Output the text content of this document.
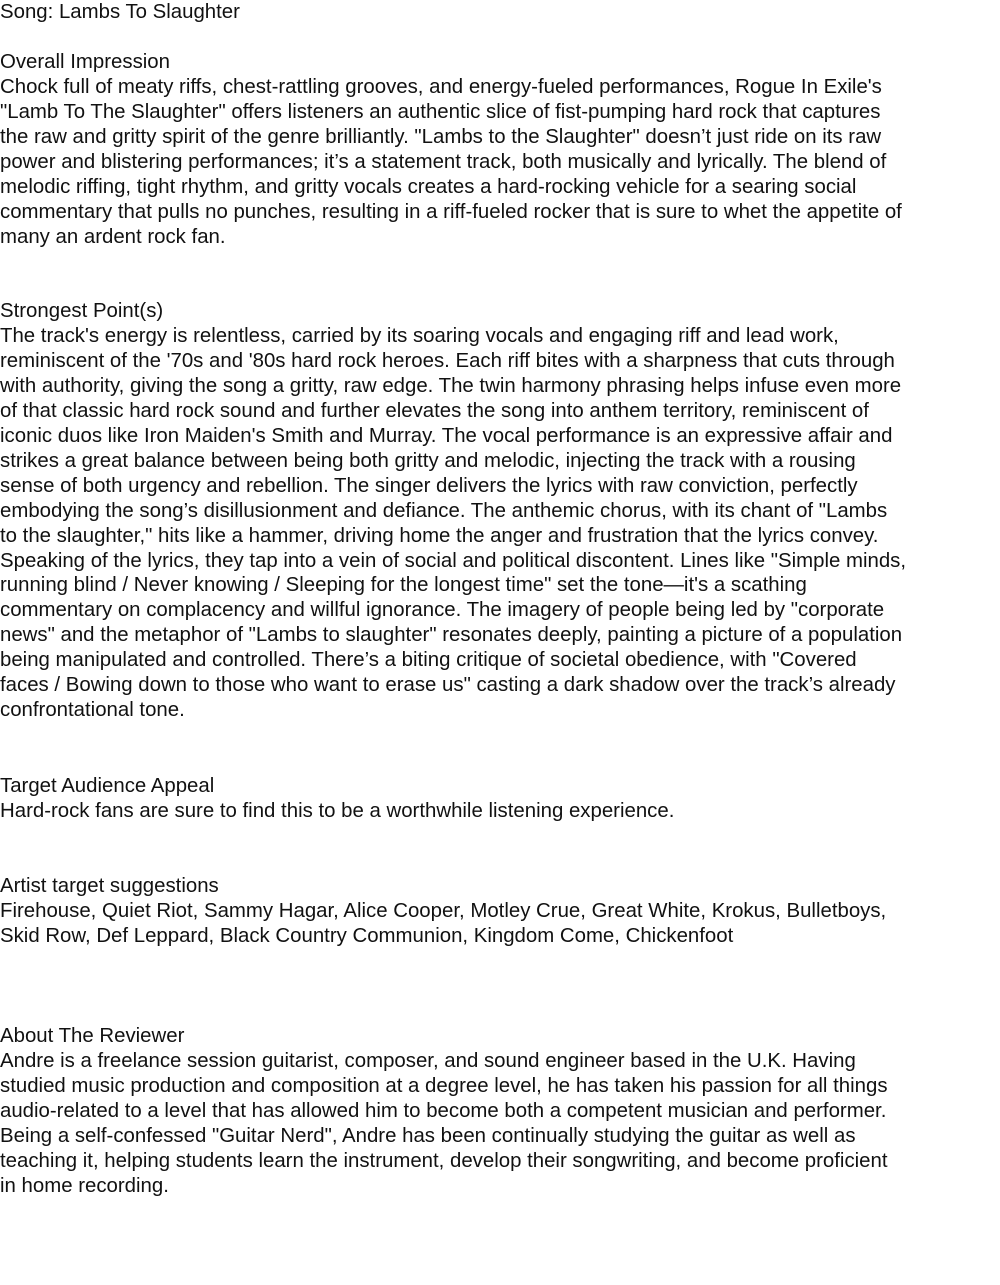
Song: Lambs To Slaughter
Overall Impression
Chock full of meaty riffs, chest-rattling grooves, and energy-fueled performances, Rogue In Exile's
"Lamb To The Slaughter" offers listeners an authentic slice of fist-pumping hard rock that captures
the raw and gritty spirit of the genre brilliantly. "Lambs to the Slaughter" doesn’t just ride on its raw
power and blistering performances; it’s a statement track, both musically and lyrically. The blend of
melodic riffing, tight rhythm, and gritty vocals creates a hard-rocking vehicle for a searing social
commentary that pulls no punches, resulting in a riff-fueled rocker that is sure to whet the appetite of
many an ardent rock fan.
Strongest Point(s)
The track's energy is relentless, carried by its soaring vocals and engaging riff and lead work,
reminiscent of the '70s and '80s hard rock heroes. Each riff bites with a sharpness that cuts through
with authority, giving the song a gritty, raw edge. The twin harmony phrasing helps infuse even more
of that classic hard rock sound and further elevates the song into anthem territory, reminiscent of
iconic duos like Iron Maiden's Smith and Murray. The vocal performance is an expressive affair and
strikes a great balance between being both gritty and melodic, injecting the track with a rousing
sense of both urgency and rebellion. The singer delivers the lyrics with raw conviction, perfectly
embodying the song’s disillusionment and defiance. The anthemic chorus, with its chant of "Lambs
to the slaughter," hits like a hammer, driving home the anger and frustration that the lyrics convey.
Speaking of the lyrics, they tap into a vein of social and political discontent. Lines like "Simple minds,
running blind / Never knowing / Sleeping for the longest time" set the tone—it's a scathing
commentary on complacency and willful ignorance. The imagery of people being led by "corporate
news" and the metaphor of "Lambs to slaughter" resonates deeply, painting a picture of a population
being manipulated and controlled. There’s a biting critique of societal obedience, with "Covered
faces / Bowing down to those who want to erase us" casting a dark shadow over the track’s already
confrontational tone.
Target Audience Appeal
Hard-rock fans are sure to find this to be a worthwhile listening experience.
Artist target suggestions
Firehouse, Quiet Riot, Sammy Hagar, Alice Cooper, Motley Crue, Great White, Krokus, Bulletboys,
Skid Row, Def Leppard, Black Country Communion, Kingdom Come, Chickenfoot
About The Reviewer
Andre is a freelance session guitarist, composer, and sound engineer based in the U.K. Having
studied music production and composition at a degree level, he has taken his passion for all things
audio-related to a level that has allowed him to become both a competent musician and performer.
Being a self-confessed "Guitar Nerd", Andre has been continually studying the guitar as well as
teaching it, helping students learn the instrument, develop their songwriting, and become proficient
in home recording.
